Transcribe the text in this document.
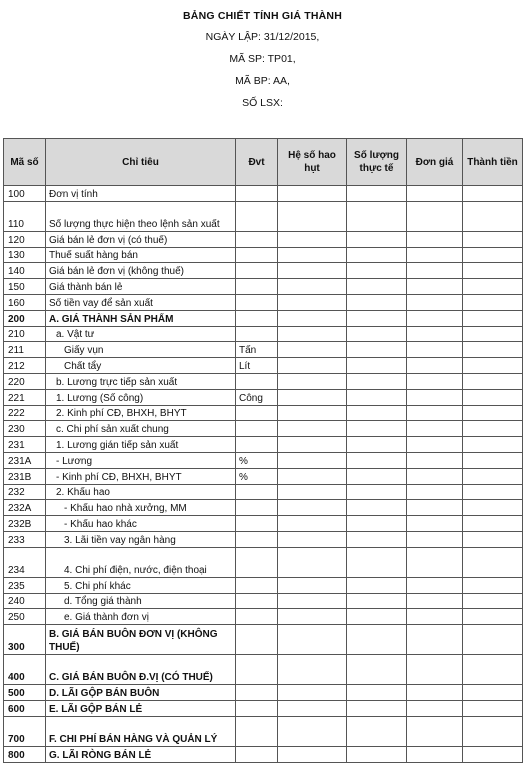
BẢNG CHIẾT TÍNH GIÁ THÀNH
NGÀY LẬP: 31/12/2015,
MÃ SP: TP01,
MÃ BP: AA,
SỐ LSX:
Mã số	Chỉ tiêu	Đvt	Hệ số hao hụt	Số lượng thực tế	Đơn giá	Thành tiền
100	Đơn vị tính					
110	Số lượng thực hiện theo lệnh sản xuất					
120	Giá bán lẻ đơn vị (có thuế)					
130	Thuế suất hàng bán					
140	Giá bán lẻ đơn vị (không thuế)					
150	Giá thành bán lẻ					
160	Số tiền vay để sản xuất					
200	A. GIÁ THÀNH SẢN PHẨM					
210	a. Vật tư					
211	Giấy vụn	Tấn				
212	Chất tẩy	Lít				
220	b. Lương trực tiếp sản xuất					
221	1. Lương (Số công)	Công				
222	2. Kinh phí CĐ, BHXH, BHYT					
230	c. Chi phí sản xuất chung					
231	1. Lương gián tiếp sản xuất					
231A	- Lương	%				
231B	- Kinh phí CĐ, BHXH, BHYT	%				
232	2. Khấu hao					
232A	- Khấu hao nhà xưởng, MM					
232B	- Khấu hao khác					
233	3. Lãi tiền vay ngân hàng					
234	4. Chi phí điện, nước, điện thoại					
235	5. Chi phí khác					
240	d. Tổng giá thành					
250	e. Giá thành đơn vị					
300	B. GIÁ BÁN BUÔN ĐƠN VỊ (KHÔNG THUẾ)					
400	C. GIÁ BÁN BUÔN Đ.VỊ (CÓ THUẾ)					
500	D. LÃI GỘP BÁN BUÔN					
600	E. LÃI GỘP BÁN LẺ					
700	F. CHI PHÍ BÁN HÀNG VÀ QUẢN LÝ					
800	G. LÃI RÒNG BÁN LẺ					
